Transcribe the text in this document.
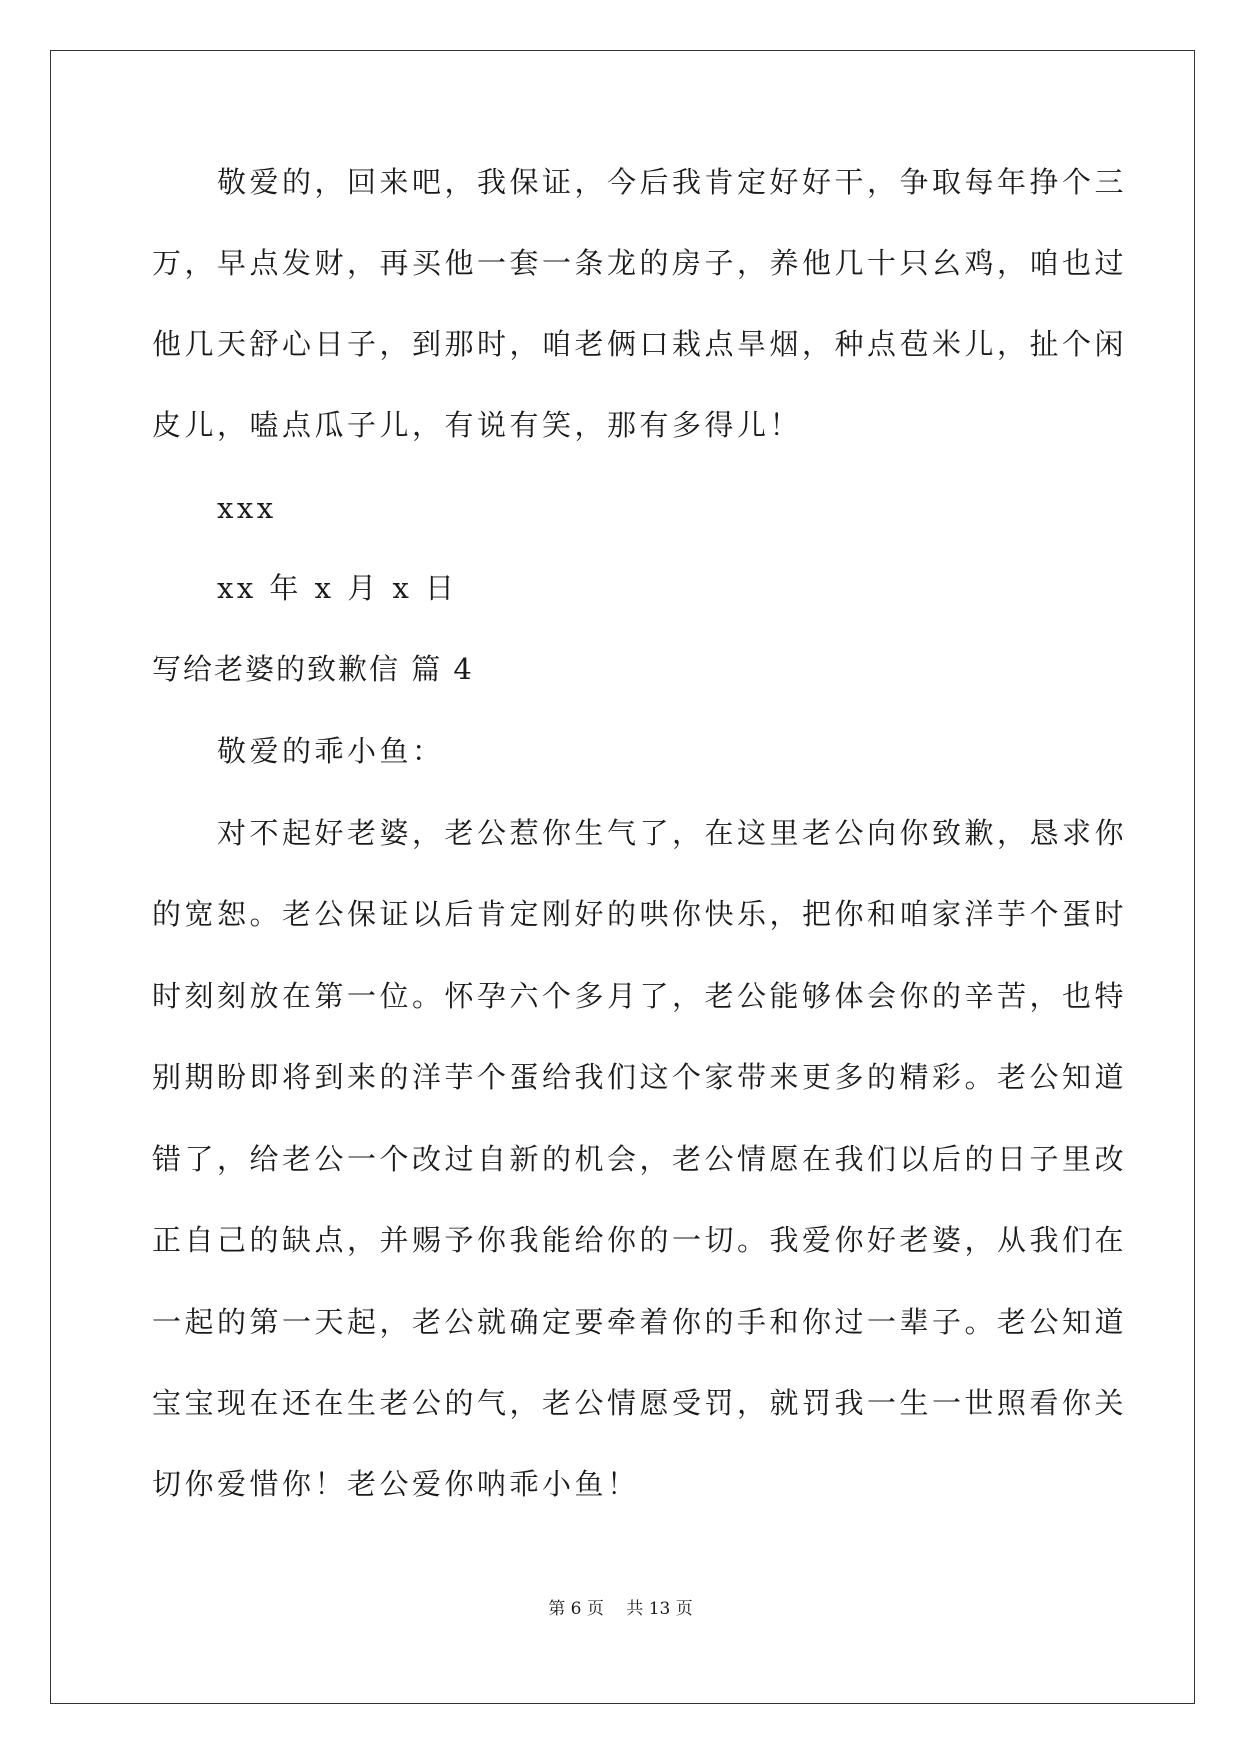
　　敬爱的，回来吧，我保证，今后我肯定好好干，争取每年挣个三
万，早点发财，再买他一套一条龙的房子，养他几十只幺鸡，咱也过
他几天舒心日子，到那时，咱老俩口栽点旱烟，种点苞米儿，扯个闲
皮儿，嗑点瓜子儿，有说有笑，那有多得儿！
　　xxx
　　xx 年 x 月 x 日
写给老婆的致歉信 篇 4
　　敬爱的乖小鱼：
　　对不起好老婆，老公惹你生气了，在这里老公向你致歉，恳求你
的宽恕。老公保证以后肯定刚好的哄你快乐，把你和咱家洋芋个蛋时
时刻刻放在第一位。怀孕六个多月了，老公能够体会你的辛苦，也特
别期盼即将到来的洋芋个蛋给我们这个家带来更多的精彩。老公知道
错了，给老公一个改过自新的机会，老公情愿在我们以后的日子里改
正自己的缺点，并赐予你我能给你的一切。我爱你好老婆，从我们在
一起的第一天起，老公就确定要牵着你的手和你过一辈子。老公知道
宝宝现在还在生老公的气，老公情愿受罚，就罚我一生一世照看你关
切你爱惜你！老公爱你呐乖小鱼！
第 6 页　 共 13 页
